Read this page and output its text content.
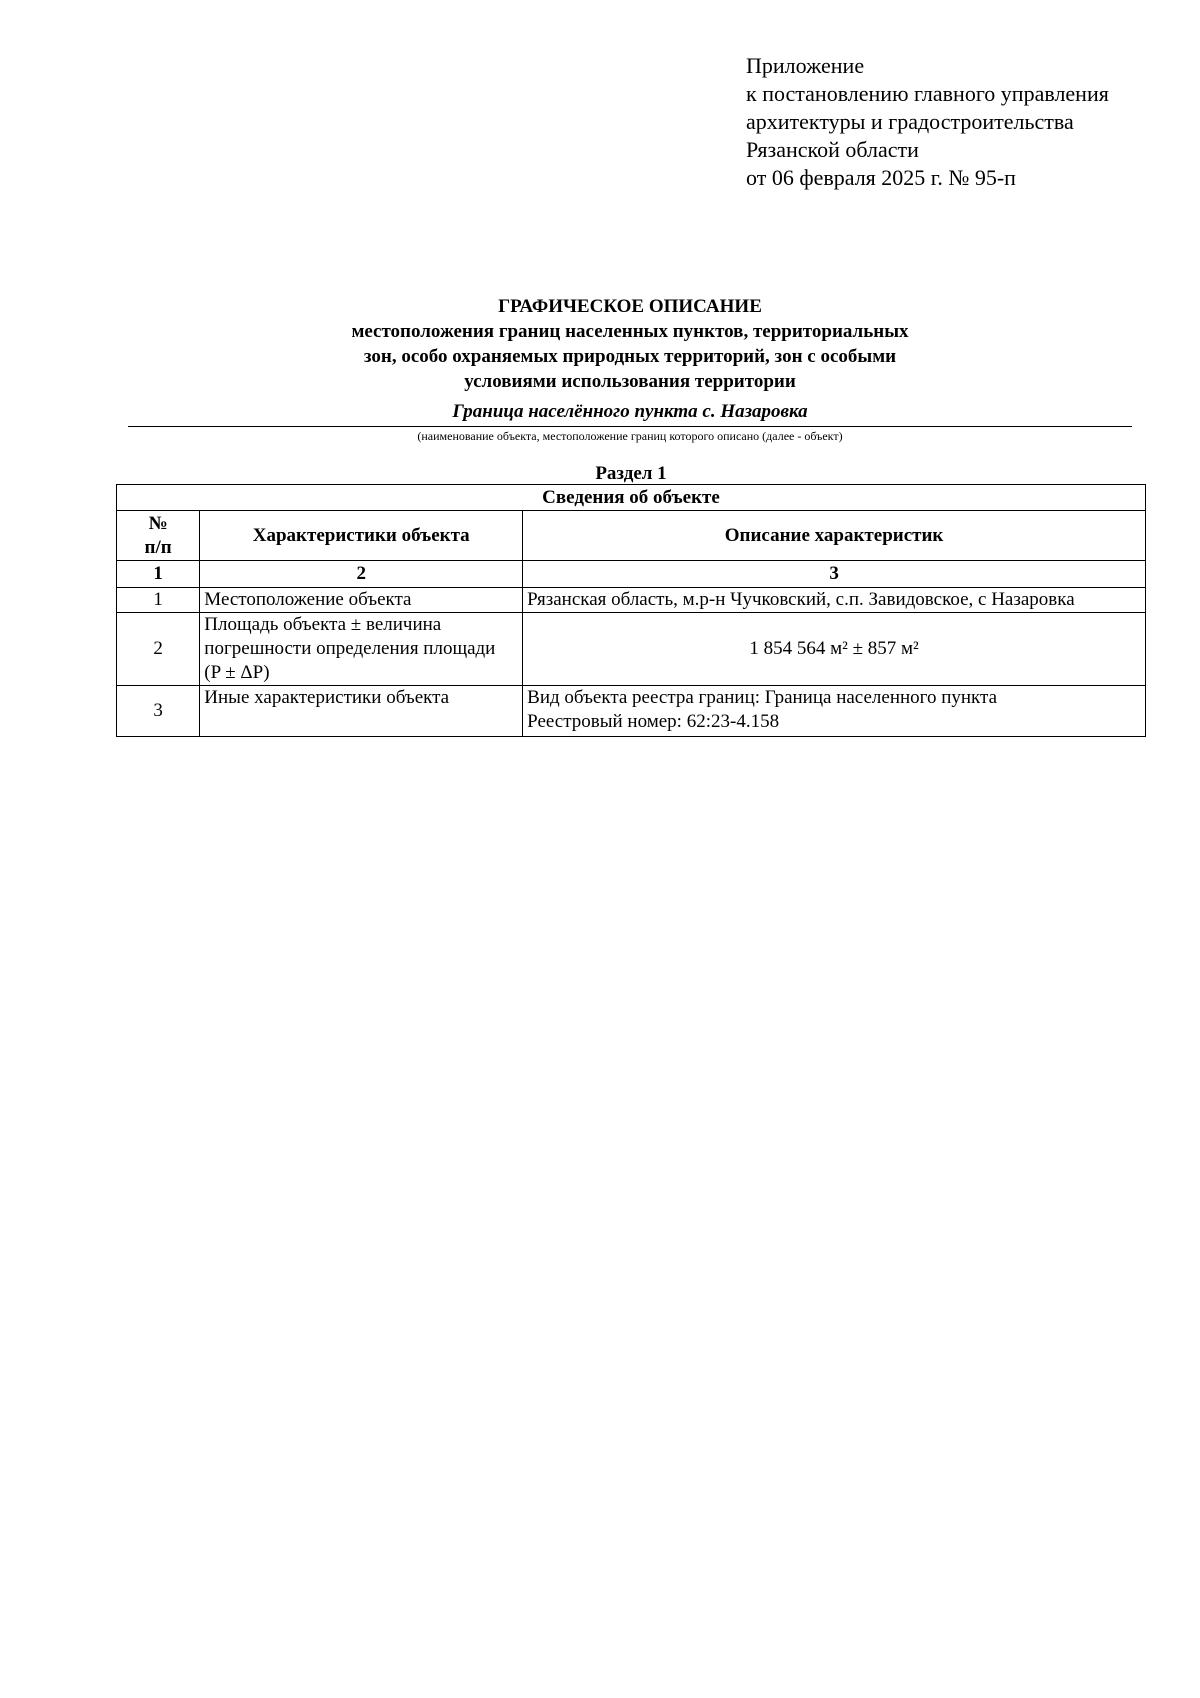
Приложение
к постановлению главного управления
архитектуры и градостроительства
Рязанской области
от 06 февраля 2025 г. № 95-п
ГРАФИЧЕСКОЕ ОПИСАНИЕ
местоположения границ населенных пунктов, территориальных
зон, особо охраняемых природных территорий, зон с особыми
условиями использования территории
Граница населённого пункта с. Назаровка
(наименование объекта, местоположение границ которого описано (далее - объект)
Раздел 1
Сведения об объекте		

№
п/п	Характеристики объекта	Описание характеристик
1	2	3
1	Местоположение объекта	Рязанская область, м.р-н Чучковский, с.п. Завидовское, с Назаровка

2	Площадь объекта ± величина
погрешности определения площади
(P ± ΔP)	1 854 564 м² ± 857 м²

3	Иные характеристики объекта	Вид объекта реестра границ: Граница населенного пункта
Реестровый номер: 62:23-4.158
